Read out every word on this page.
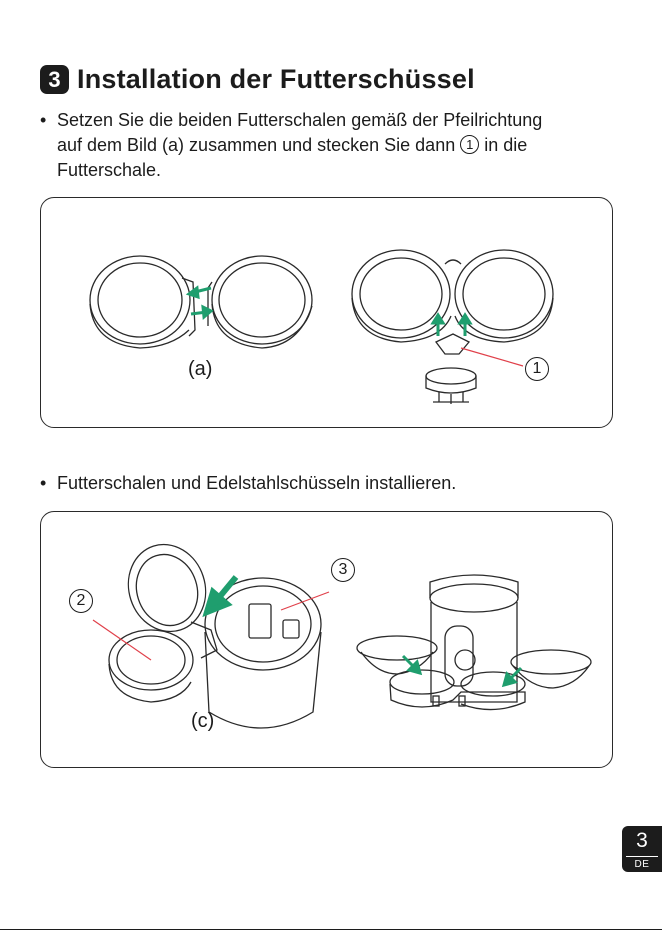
3 Installation der Futterschüssel
• Setzen Sie die beiden Futterschalen gemäß der Pfeilrichtung
auf dem Bild (a) zusammen und stecken Sie dann 1 in die
Futterschale.
(a)	1
• Futterschalen und Edelstahlschüsseln installieren.
2
3
(c)
3
DE
